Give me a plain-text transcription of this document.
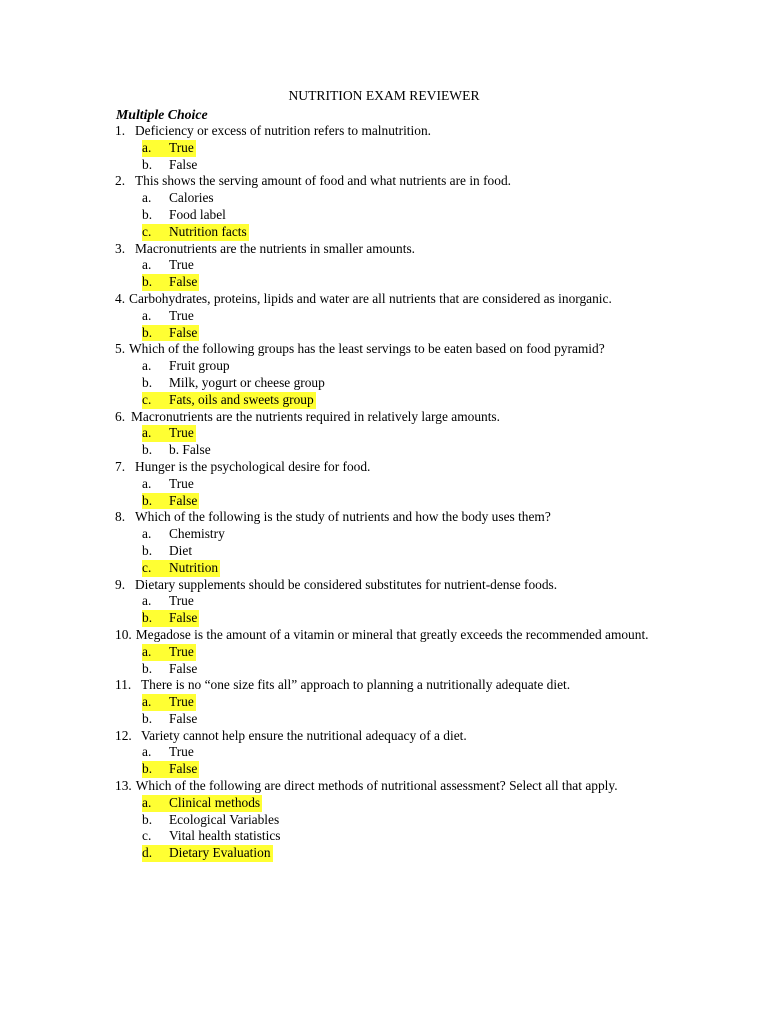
NUTRITION EXAM REVIEWER
Multiple Choice
1. Deficiency or excess of nutrition refers to malnutrition.
a. True
b. False
2. This shows the serving amount of food and what nutrients are in food.
a. Calories
b. Food label
c. Nutrition facts
3. Macronutrients are the nutrients in smaller amounts.
a. True
b. False
4. Carbohydrates, proteins, lipids and water are all nutrients that are considered as inorganic.
a. True
b. False
5. Which of the following groups has the least servings to be eaten based on food pyramid?
a. Fruit group
b. Milk, yogurt or cheese group
c. Fats, oils and sweets group
6. Macronutrients are the nutrients required in relatively large amounts.
a. True
b. b. False
7. Hunger is the psychological desire for food.
a. True
b. False
8. Which of the following is the study of nutrients and how the body uses them?
a. Chemistry
b. Diet
c. Nutrition
9. Dietary supplements should be considered substitutes for nutrient-dense foods.
a. True
b. False
10. Megadose is the amount of a vitamin or mineral that greatly exceeds the recommended amount.
a. True
b. False
11. There is no “one size fits all” approach to planning a nutritionally adequate diet.
a. True
b. False
12. Variety cannot help ensure the nutritional adequacy of a diet.
a. True
b. False
13. Which of the following are direct methods of nutritional assessment? Select all that apply.
a. Clinical methods
b. Ecological Variables
c. Vital health statistics
d. Dietary Evaluation
